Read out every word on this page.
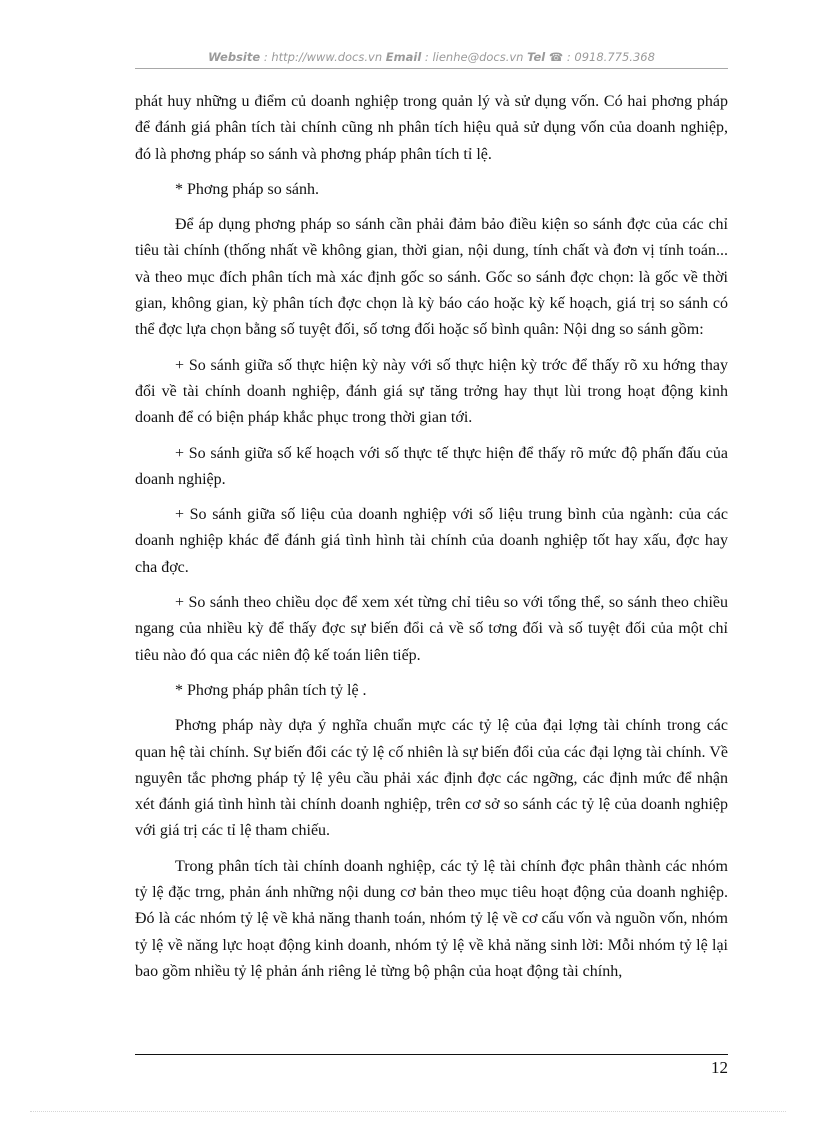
Website : http://www.docs.vn Email : lienhe@docs.vn Tel ☎ : 0918.775.368

phát huy những u điểm củ doanh nghiệp trong quản lý và sử dụng vốn. Có hai phơng pháp để đánh giá phân tích tài chính cũng nh phân tích hiệu quả sử dụng vốn của doanh nghiệp, đó là phơng pháp so sánh và phơng pháp phân tích tỉ lệ.

* Phơng pháp so sánh.

Để áp dụng phơng pháp so sánh cần phải đảm bảo điều kiện so sánh đợc của các chỉ tiêu tài chính (thống nhất về không gian, thời gian, nội dung, tính chất và đơn vị tính toán... và theo mục đích phân tích mà xác định gốc so sánh. Gốc so sánh đợc chọn: là gốc về thời gian, không gian, kỳ phân tích đợc chọn là kỳ báo cáo hoặc kỳ kế hoạch, giá trị so sánh có thể đợc lựa chọn bằng số tuyệt đối, số tơng đối hoặc số bình quân: Nội dng so sánh gồm:

+ So sánh giữa số thực hiện kỳ này với số thực hiện kỳ trớc để thấy rõ xu hớng thay đổi về tài chính doanh nghiệp, đánh giá sự tăng trởng hay thụt lùi trong hoạt động kinh doanh để có biện pháp khắc phục trong thời gian tới.

+ So sánh giữa số kế hoạch với số thực tế thực hiện để thấy rõ mức độ phấn đấu của doanh nghiệp.

+ So sánh giữa số liệu của doanh nghiệp với số liệu trung bình của ngành: của các doanh nghiệp khác để đánh giá tình hình tài chính của doanh nghiệp tốt hay xấu, đợc hay cha đợc.

+ So sánh theo chiều dọc để xem xét từng chỉ tiêu so với tổng thể, so sánh theo chiều ngang của nhiều kỳ để thấy đợc sự biến đổi cả về số tơng đối và số tuyệt đối của một chỉ tiêu nào đó qua các niên độ kế toán liên tiếp.

* Phơng pháp phân tích tỷ lệ .

Phơng pháp này dựa ý nghĩa chuẩn mực các tỷ lệ của đại lợng tài chính trong các quan hệ tài chính. Sự biến đổi các tỷ lệ cố nhiên là sự biến đổi của các đại lợng tài chính. Về nguyên tắc phơng pháp tỷ lệ yêu cầu phải xác định đợc các ngỡng, các định mức để nhận xét đánh giá tình hình tài chính doanh nghiệp, trên cơ sở so sánh các tỷ lệ của doanh nghiệp với giá trị các tỉ lệ tham chiếu.

Trong phân tích tài chính doanh nghiệp, các tỷ lệ tài chính đợc phân thành các nhóm tỷ lệ đặc trng, phản ánh những nội dung cơ bản theo mục tiêu hoạt động của doanh nghiệp. Đó là các nhóm tỷ lệ về khả năng thanh toán, nhóm tỷ lệ về cơ cấu vốn và nguồn vốn, nhóm tỷ lệ về năng lực hoạt động kinh doanh, nhóm tỷ lệ về khả năng sinh lời: Mỗi nhóm tỷ lệ lại bao gồm nhiều tỷ lệ phản ánh riêng lẻ từng bộ phận của hoạt động tài chính,

12
